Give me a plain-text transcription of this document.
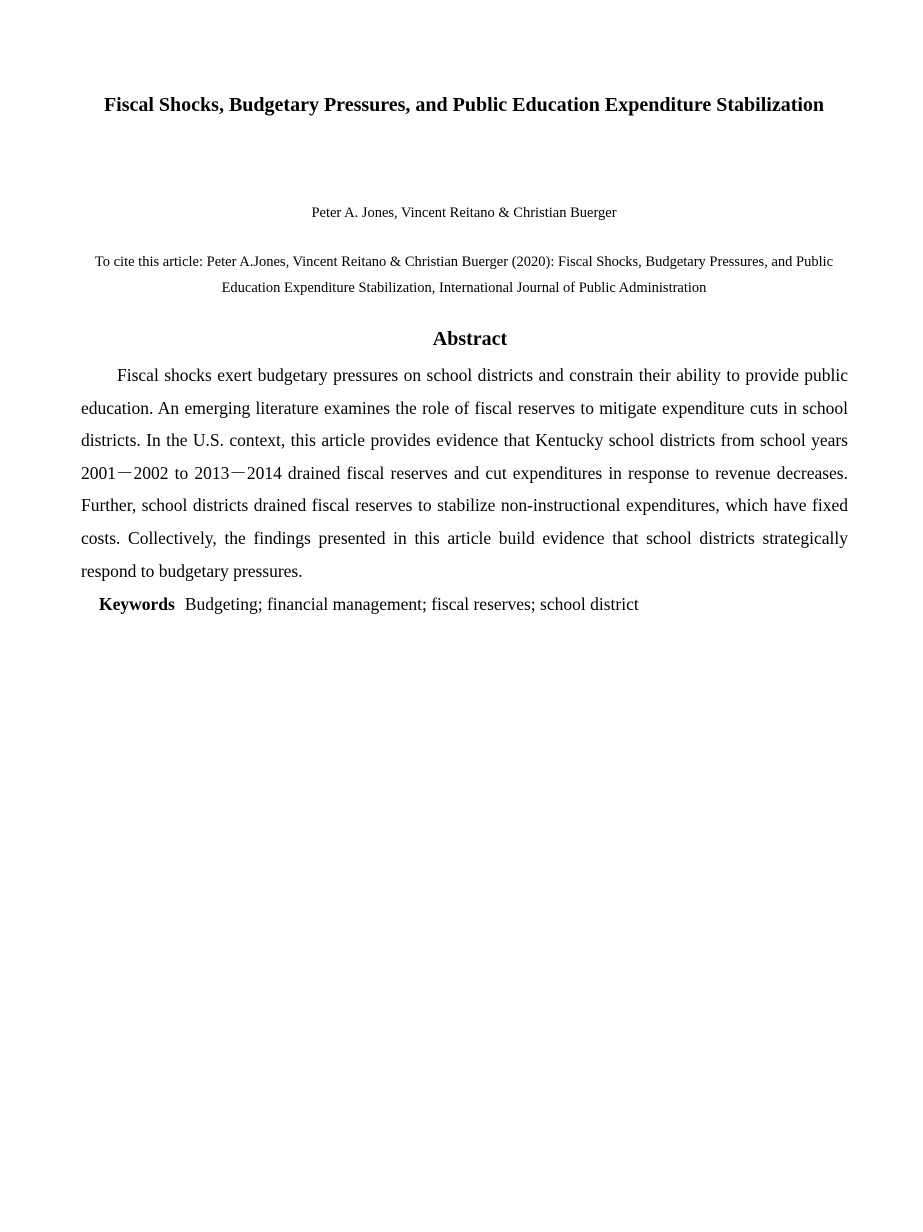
Fiscal Shocks, Budgetary Pressures, and Public Education Expenditure Stabilization

Peter A. Jones, Vincent Reitano & Christian Buerger

To cite this article: Peter A.Jones, Vincent Reitano & Christian Buerger (2020): Fiscal Shocks, Budgetary Pressures, and Public Education Expenditure Stabilization, International Journal of Public Administration

Abstract

Fiscal shocks exert budgetary pressures on school districts and constrain their ability to provide public education. An emerging literature examines the role of fiscal reserves to mitigate expenditure cuts in school districts. In the U.S. context, this article provides evidence that Kentucky school districts from school years 2001－2002 to 2013－2014 drained fiscal reserves and cut expenditures in response to revenue decreases. Further, school districts drained fiscal reserves to stabilize non-instructional expenditures, which have fixed costs. Collectively, the findings presented in this article build evidence that school districts strategically respond to budgetary pressures.

Keywords Budgeting; financial management; fiscal reserves; school district
